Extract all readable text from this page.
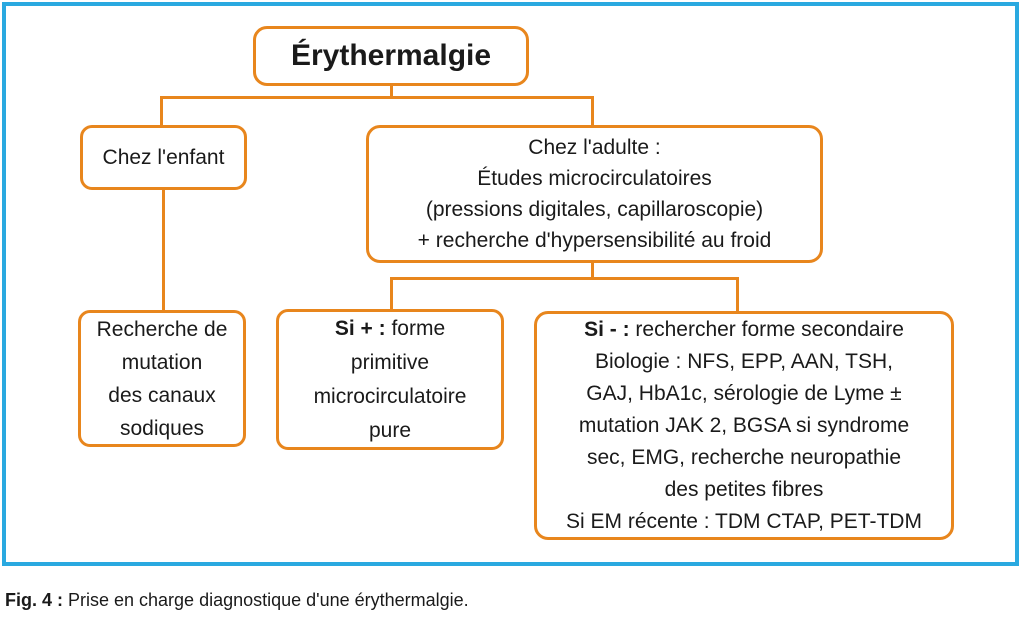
Érythermalgie
Chez l'enfant	Chez l'adulte :
Études microcirculatoires
(pressions digitales, capillaroscopie)
+ recherche d'hypersensibilité au froid
Recherche de
mutation
des canaux
sodiques
Si + : forme
primitive
microcirculatoire
pure
Si - : rechercher forme secondaire
Biologie : NFS, EPP, AAN, TSH,
GAJ, HbA1c, sérologie de Lyme ±
mutation JAK 2, BGSA si syndrome
sec, EMG, recherche neuropathie
des petites fibres
Si EM récente : TDM CTAP, PET-TDM
Fig. 4 : Prise en charge diagnostique d'une érythermalgie.
